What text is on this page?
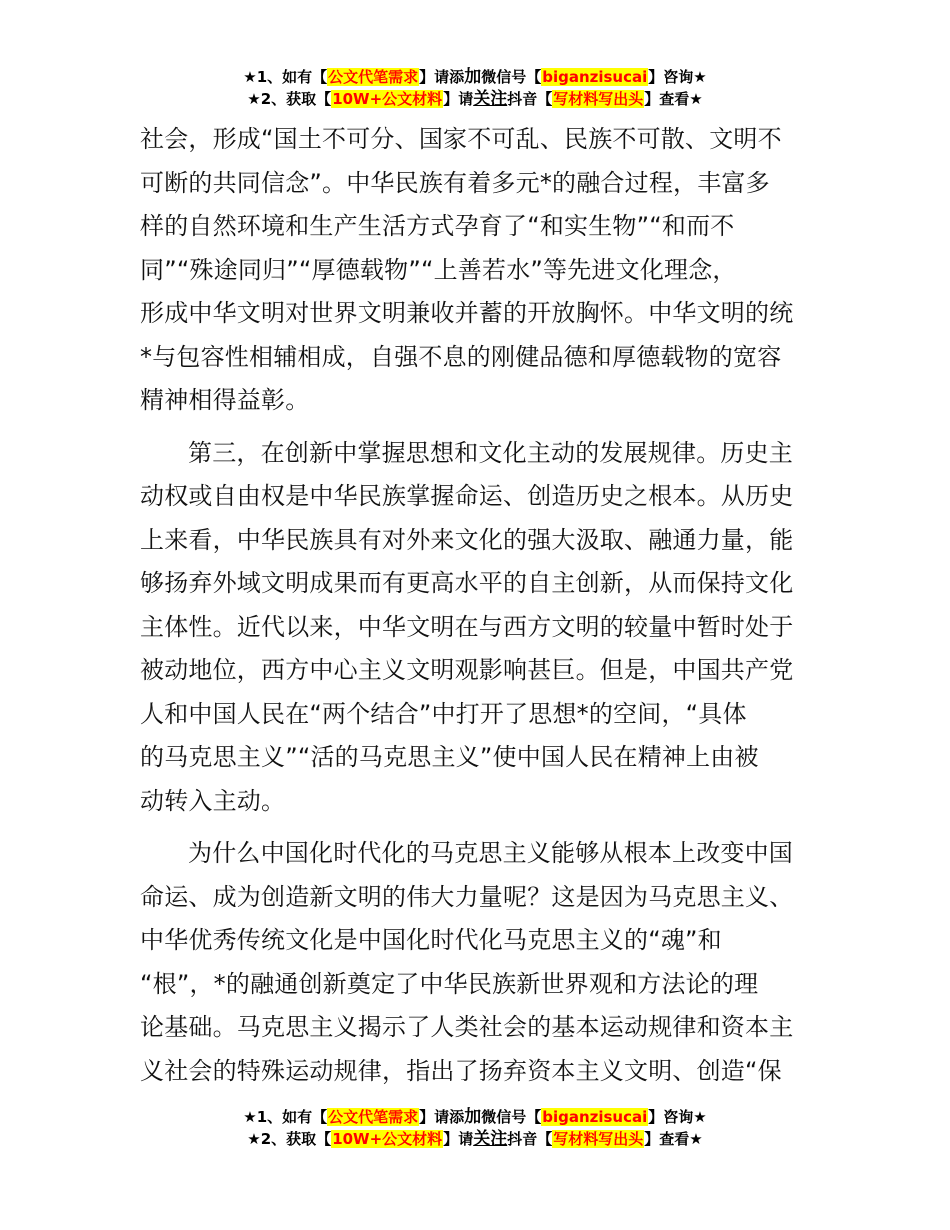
★1、如有【公文代笔需求】请添加微信号【biganzisucai】咨询★
★2、获取【10W+公文材料】请关注抖音【写材料写出头】查看★
社会，形成“国土不可分、国家不可乱、民族不可散、文明不
可断的共同信念”。中华民族有着多元*的融合过程，丰富多
样的自然环境和生产生活方式孕育了“和实生物”“和而不
同”“殊途同归”“厚德载物”“上善若水”等先进文化理念，
形成中华文明对世界文明兼收并蓄的开放胸怀。中华文明的统
*与包容性相辅相成，自强不息的刚健品德和厚德载物的宽容
精神相得益彰。
第三，在创新中掌握思想和文化主动的发展规律。历史主
动权或自由权是中华民族掌握命运、创造历史之根本。从历史
上来看，中华民族具有对外来文化的强大汲取、融通力量，能
够扬弃外域文明成果而有更高水平的自主创新，从而保持文化
主体性。近代以来，中华文明在与西方文明的较量中暂时处于
被动地位，西方中心主义文明观影响甚巨。但是，中国共产党
人和中国人民在“两个结合”中打开了思想*的空间，“具体
的马克思主义”“活的马克思主义”使中国人民在精神上由被
动转入主动。
为什么中国化时代化的马克思主义能够从根本上改变中国
命运、成为创造新文明的伟大力量呢？这是因为马克思主义、
中华优秀传统文化是中国化时代化马克思主义的“魂”和
“根”，*的融通创新奠定了中华民族新世界观和方法论的理
论基础。马克思主义揭示了人类社会的基本运动规律和资本主
义社会的特殊运动规律，指出了扬弃资本主义文明、创造“保
★1、如有【公文代笔需求】请添加微信号【biganzisucai】咨询★
★2、获取【10W+公文材料】请关注抖音【写材料写出头】查看★
